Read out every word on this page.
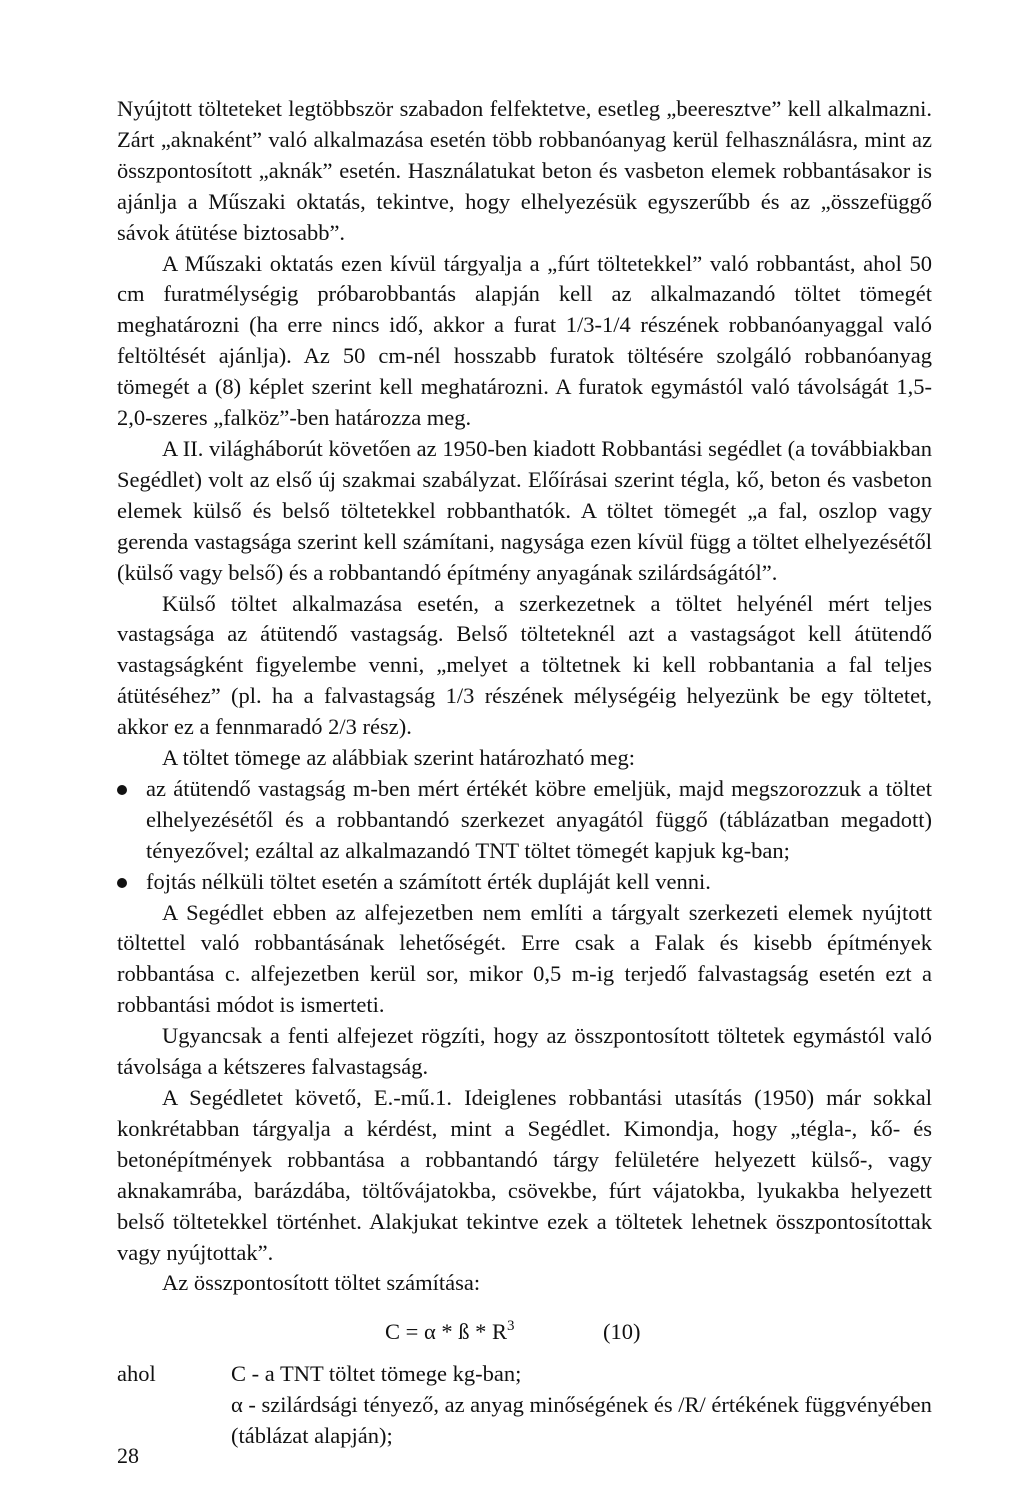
Nyújtott tölteteket legtöbbször szabadon felfektetve, esetleg „beeresztve” kell alkalmazni. Zárt „aknaként” való alkalmazása esetén több robbanóanyag kerül felhasználásra, mint az összpontosított „aknák” esetén. Használatukat beton és vasbeton elemek robbantásakor is ajánlja a Műszaki oktatás, tekintve, hogy elhelyezésük egyszerűbb és az „összefüggő sávok átütése biztosabb”.

A Műszaki oktatás ezen kívül tárgyalja a „fúrt töltetekkel” való robbantást, ahol 50 cm furatmélységig próbarobbantás alapján kell az alkalmazandó töltet tömegét meghatározni (ha erre nincs idő, akkor a furat 1/3-1/4 részének robbanóanyaggal való feltöltését ajánlja). Az 50 cm-nél hosszabb furatok töltésére szolgáló robbanóanyag tömegét a (8) képlet szerint kell meghatározni. A furatok egymástól való távolságát 1,5-2,0-szeres „falköz”-ben határozza meg.

A II. világháborút követően az 1950-ben kiadott Robbantási segédlet (a továbbiakban Segédlet) volt az első új szakmai szabályzat. Előírásai szerint tégla, kő, beton és vasbeton elemek külső és belső töltetekkel robbanthatók. A töltet tömegét „a fal, oszlop vagy gerenda vastagsága szerint kell számítani, nagysága ezen kívül függ a töltet elhelyezésétől (külső vagy belső) és a robbantandó építmény anyagának szilárdságától”.

Külső töltet alkalmazása esetén, a szerkezetnek a töltet helyénél mért teljes vastagsága az átütendő vastagság. Belső tölteteknél azt a vastagságot kell átütendő vastagságként figyelembe venni, „melyet a töltetnek ki kell robbantania a fal teljes átütéséhez” (pl. ha a falvastagság 1/3 részének mélységéig helyezünk be egy töltetet, akkor ez a fennmaradó 2/3 rész).

A töltet tömege az alábbiak szerint határozható meg:

az átütendő vastagság m-ben mért értékét köbre emeljük, majd megszorozzuk a töltet elhelyezésétől és a robbantandó szerkezet anyagától függő (táblázatban megadott) tényezővel; ezáltal az alkalmazandó TNT töltet tömegét kapjuk kg-ban;
fojtás nélküli töltet esetén a számított érték dupláját kell venni.

A Segédlet ebben az alfejezetben nem említi a tárgyalt szerkezeti elemek nyújtott töltettel való robbantásának lehetőségét. Erre csak a Falak és kisebb építmények robbantása c. alfejezetben kerül sor, mikor 0,5 m-ig terjedő falvastagság esetén ezt a robbantási módot is ismerteti.

Ugyancsak a fenti alfejezet rögzíti, hogy az összpontosított töltetek egymástól való távolsága a kétszeres falvastagság.

A Segédletet követő, E.-mű.1. Ideiglenes robbantási utasítás (1950) már sokkal konkrétabban tárgyalja a kérdést, mint a Segédlet. Kimondja, hogy „tégla-, kő- és betonépítmények robbantása a robbantandó tárgy felületére helyezett külső-, vagy aknakamrába, barázdába, töltővájatokba, csövekbe, fúrt vájatokba, lyukakba helyezett belső töltetekkel történhet. Alakjukat tekintve ezek a töltetek lehetnek összpontosítottak vagy nyújtottak”.

Az összpontosított töltet számítása:

C = α * ß * $R^3$	(10)
ahol	C - a TNT töltet tömege kg-ban;
α - szilárdsági tényező, az anyag minőségének és /R/ értékének függvényében (táblázat alapján);
28
